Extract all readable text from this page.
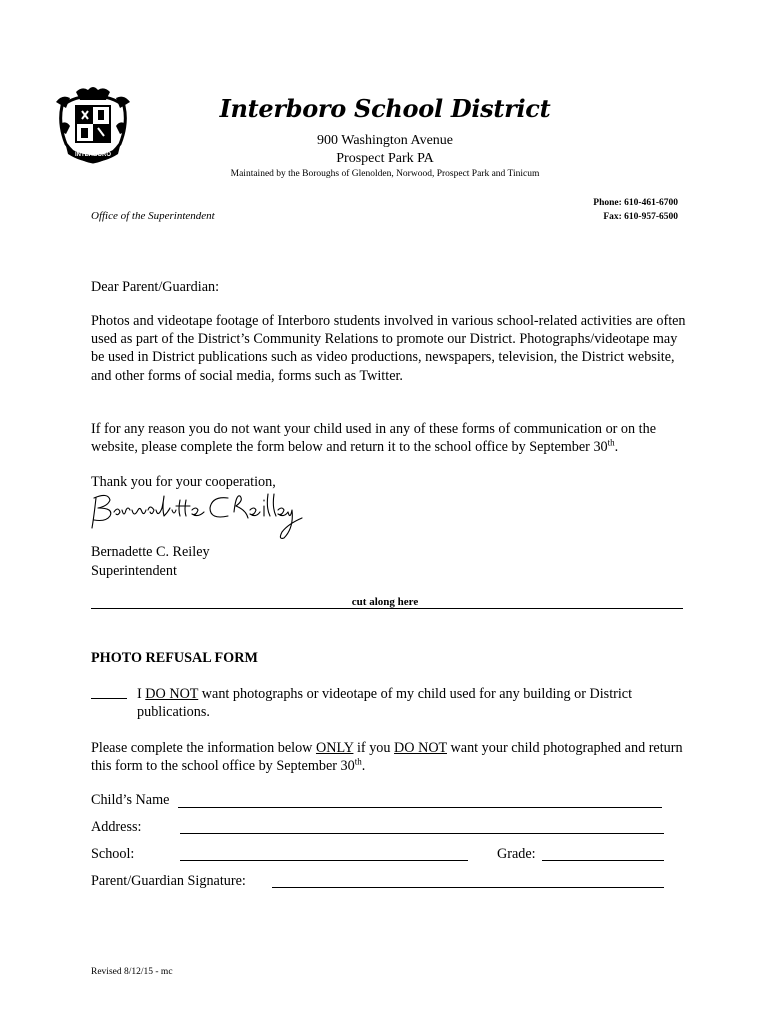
INTERBORO
Interboro School District
900 Washington Avenue
Prospect Park PA
Maintained by the Boroughs of Glenolden, Norwood, Prospect Park and Tinicum
Office of the Superintendent
Phone: 610-461-6700
Fax: 610-957-6500
Dear Parent/Guardian:
Photos and videotape footage of Interboro students involved in various school-related activities are often used as part of the District’s Community Relations to promote our District. Photographs/videotape may be used in District publications such as video productions, newspapers, television, the District website, and other forms of social media, forms such as Twitter.
If for any reason you do not want your child used in any of these forms of communication or on the website, please complete the form below and return it to the school office by September 30th.
Thank you for your cooperation,
Bernadette C. Reiley
Superintendent
cut along here
PHOTO REFUSAL FORM
I DO NOT want photographs or videotape of my child used for any building or District publications.
Please complete the information below ONLY if you DO NOT want your child photographed and return this form to the school office by September 30th.
Child’s Name
Address:
School:	Grade:
Parent/Guardian Signature:
Revised 8/12/15 - mc
